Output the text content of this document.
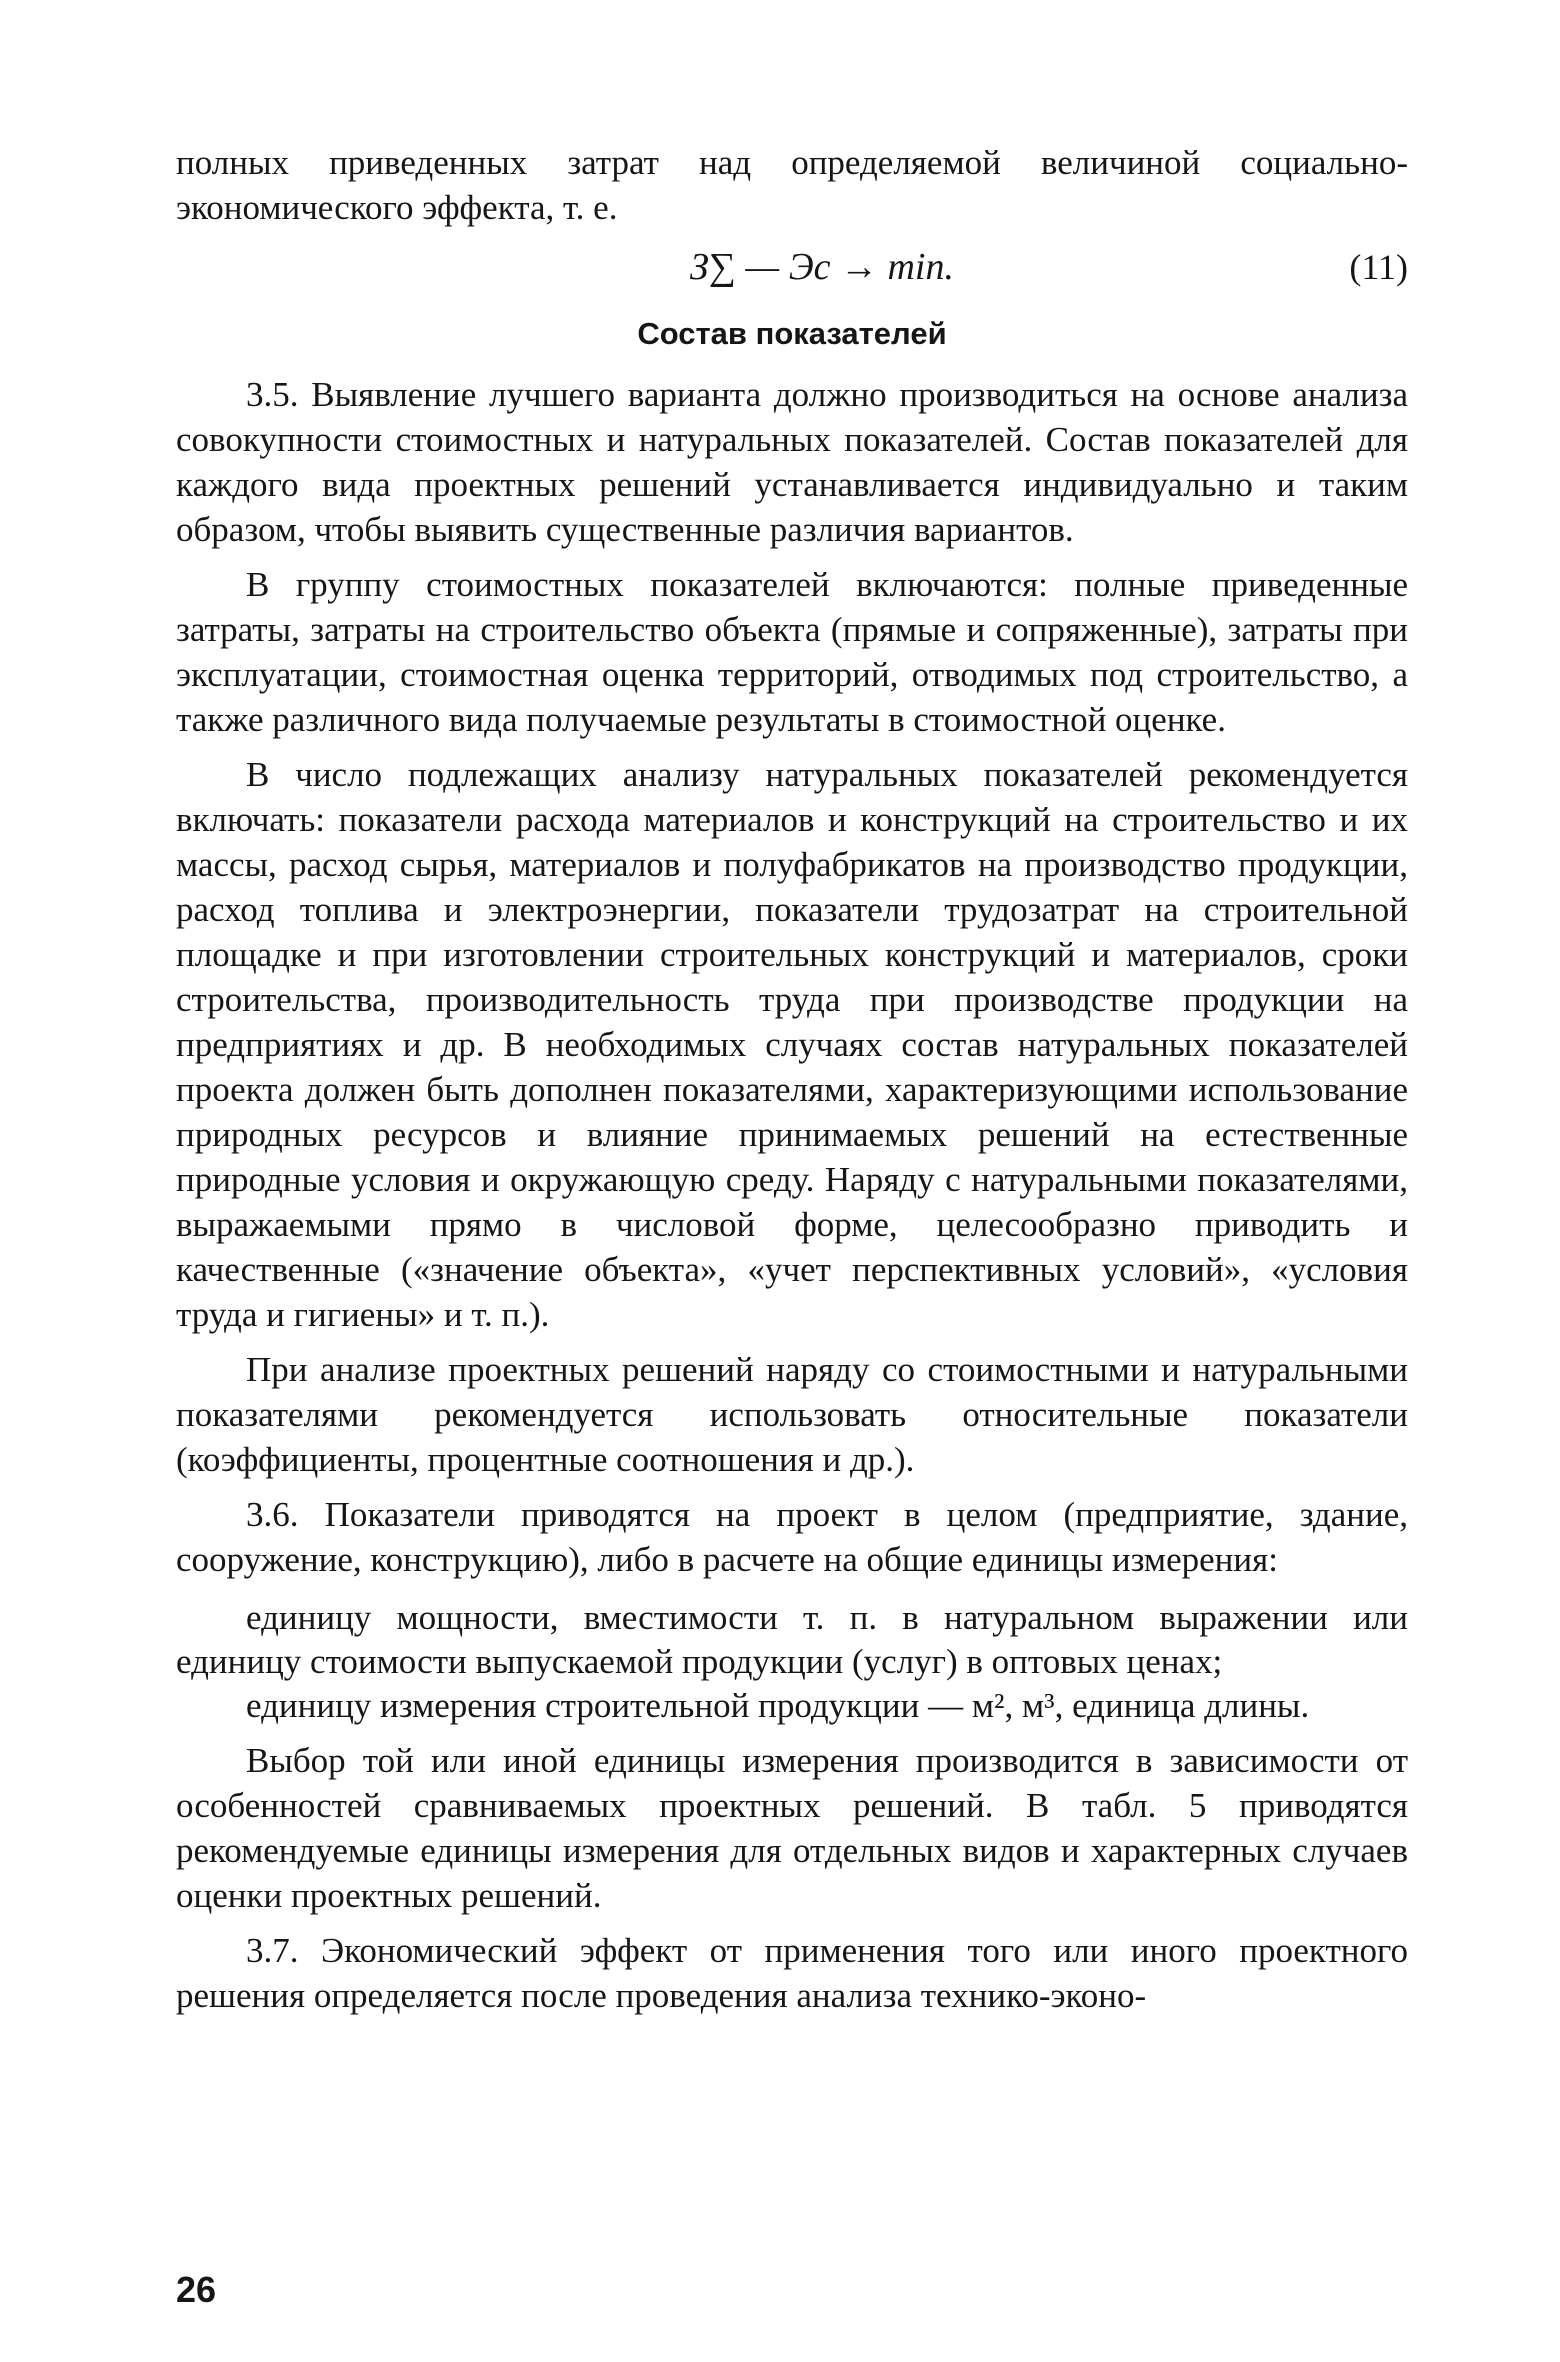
полных приведенных затрат над определяемой величиной социально-экономического эффекта, т. е.

З∑ — Эс → min.	(11)
Состав показателей

3.5. Выявление лучшего варианта должно производиться на основе анализа совокупности стоимостных и натуральных показателей. Состав показателей для каждого вида проектных решений устанавливается индивидуально и таким образом, чтобы выявить существенные различия вариантов.

В группу стоимостных показателей включаются: полные приведенные затраты, затраты на строительство объекта (прямые и сопряженные), затраты при эксплуатации, стоимостная оценка территорий, отводимых под строительство, а также различного вида получаемые результаты в стоимостной оценке.

В число подлежащих анализу натуральных показателей рекомендуется включать: показатели расхода материалов и конструкций на строительство и их массы, расход сырья, материалов и полуфабрикатов на производство продукции, расход топлива и электроэнергии, показатели трудозатрат на строительной площадке и при изготовлении строительных конструкций и материалов, сроки строительства, производительность труда при производстве продукции на предприятиях и др. В необходимых случаях состав натуральных показателей проекта должен быть дополнен показателями, характеризующими использование природных ресурсов и влияние принимаемых решений на естественные природные условия и окружающую среду. Наряду с натуральными показателями, выражаемыми прямо в числовой форме, целесообразно приводить и качественные («значение объекта», «учет перспективных условий», «условия труда и гигиены» и т. п.).

При анализе проектных решений наряду со стоимостными и натуральными показателями рекомендуется использовать относительные показатели (коэффициенты, процентные соотношения и др.).

3.6. Показатели приводятся на проект в целом (предприятие, здание, сооружение, конструкцию), либо в расчете на общие единицы измерения:

единицу мощности, вместимости т. п. в натуральном выражении или единицу стоимости выпускаемой продукции (услуг) в оптовых ценах;

единицу измерения строительной продукции — м², м³, единица длины.

Выбор той или иной единицы измерения производится в зависимости от особенностей сравниваемых проектных решений. В табл. 5 приводятся рекомендуемые единицы измерения для отдельных видов и характерных случаев оценки проектных решений.

3.7. Экономический эффект от применения того или иного проектного решения определяется после проведения анализа технико-эконо-

26
